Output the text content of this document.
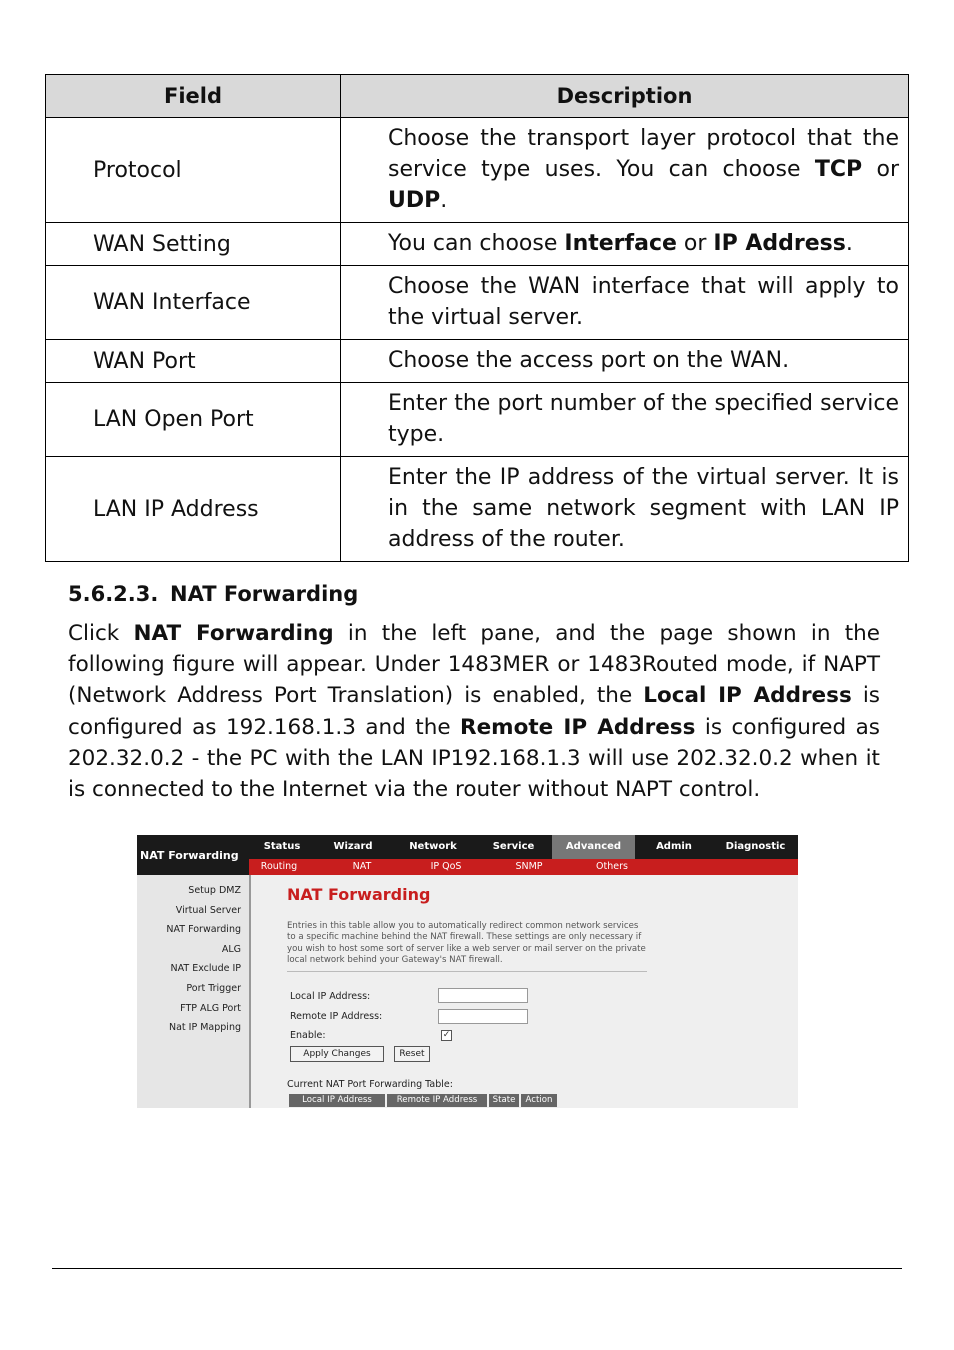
Field	Description
Protocol	Choose the transport layer protocol that the service type uses. You can choose TCP or UDP.
WAN Setting	You can choose Interface or IP Address.
WAN Interface	Choose the WAN interface that will apply to the virtual server.
WAN Port	Choose the access port on the WAN.
LAN Open Port	Enter the port number of the specified service type.
LAN IP Address	Enter the IP address of the virtual server. It is in the same network segment with LAN IP address of the router.
5.6.2.3. NAT Forwarding
Click NAT Forwarding in the left pane, and the page shown in the following figure will appear. Under 1483MER or 1483Routed mode, if NAPT (Network Address Port Translation) is enabled, the Local IP Address is configured as 192.168.1.3 and the Remote IP Address is configured as 202.32.0.2 - the PC with the LAN IP192.168.1.3 will use 202.32.0.2 when it is connected to the Internet via the router without NAPT control.
NAT Forwarding
Status	Wizard	Network	Service	Advanced	Admin	Diagnostic
Routing	NAT	IP QoS	SNMP	Others
Setup DMZ
Virtual Server
NAT Forwarding
ALG
NAT Exclude IP
Port Trigger
FTP ALG Port
Nat IP Mapping
NAT Forwarding
Entries in this table allow you to automatically redirect common network services to a specific machine behind the NAT firewall. These settings are only necessary if you wish to host some sort of server like a web server or mail server on the private local network behind your Gateway's NAT firewall.
Local IP Address:
Remote IP Address:
Enable:	✓
Apply Changes	Reset
Current NAT Port Forwarding Table:
Local IP Address	Remote IP Address	State	Action
